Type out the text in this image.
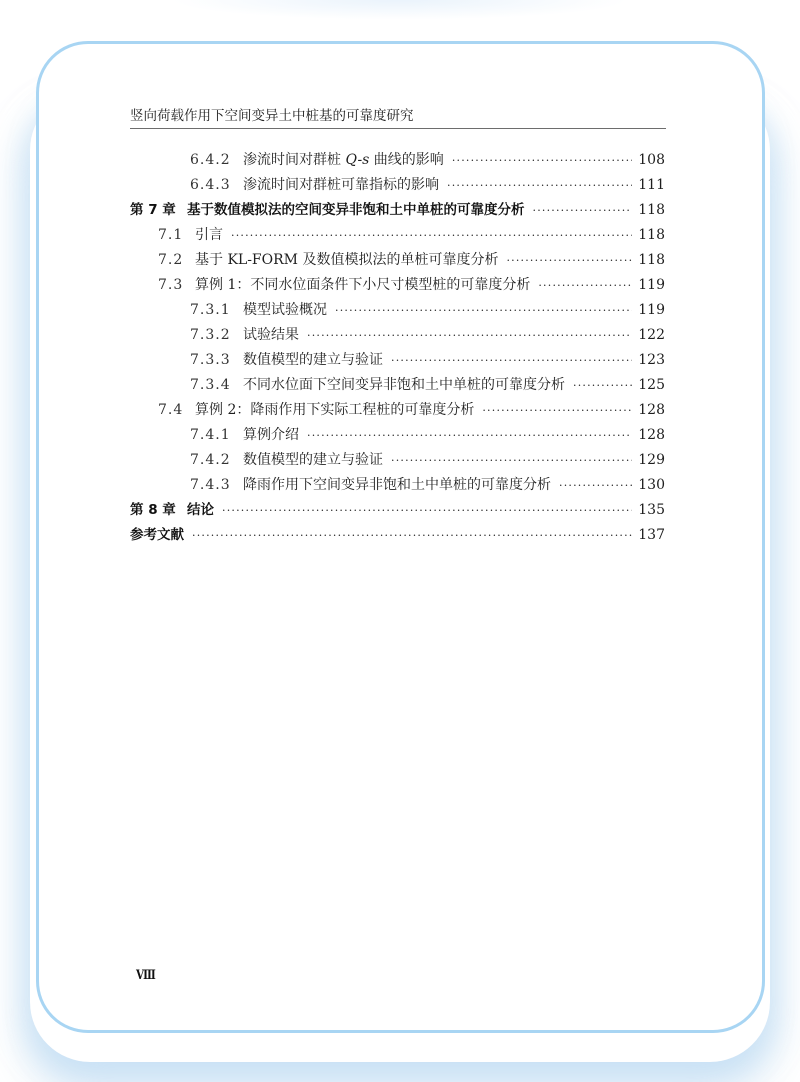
竖向荷载作用下空间变异土中桩基的可靠度研究
6.4.2 渗流时间对群桩 Q-s 曲线的影响 ·····	108
6.4.3 渗流时间对群桩可靠指标的影响 ·····	111
第 7 章 基于数值模拟法的空间变异非饱和土中单桩的可靠度分析 ·····	118
7.1 引言 ·····	118
7.2 基于 KL-FORM 及数值模拟法的单桩可靠度分析 ·····	118
7.3 算例 1：不同水位面条件下小尺寸模型桩的可靠度分析 ·····	119
7.3.1 模型试验概况 ·····	119
7.3.2 试验结果 ·····	122
7.3.3 数值模型的建立与验证 ·····	123
7.3.4 不同水位面下空间变异非饱和土中单桩的可靠度分析 ·····	125
7.4 算例 2：降雨作用下实际工程桩的可靠度分析 ·····	128
7.4.1 算例介绍 ·····	128
7.4.2 数值模型的建立与验证 ·····	129
7.4.3 降雨作用下空间变异非饱和土中单桩的可靠度分析 ·····	130
第 8 章 结论 ·····	135
参考文献 ·····	137
Ⅷ
